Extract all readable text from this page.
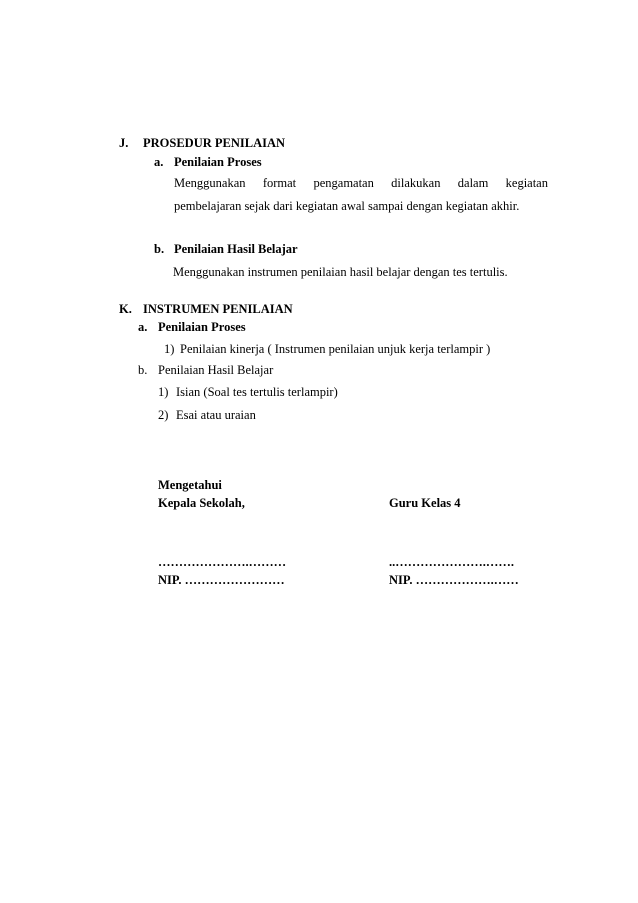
J. PROSEDUR PENILAIAN
a. Penilaian Proses
Menggunakan format pengamatan dilakukan dalam kegiatan
pembelajaran sejak dari kegiatan awal sampai dengan kegiatan akhir.
b. Penilaian Hasil Belajar
Menggunakan instrumen penilaian hasil belajar dengan tes tertulis.
K. INSTRUMEN PENILAIAN
a. Penilaian Proses
1) Penilaian kinerja ( Instrumen penilaian unjuk kerja terlampir )
b. Penilaian Hasil Belajar
1) Isian (Soal tes tertulis terlampir)
2) Esai atau uraian
Mengetahui
Kepala Sekolah,	Guru Kelas 4
………………….………	..………………….…….
NIP. ……………………	NIP. ……………….……
